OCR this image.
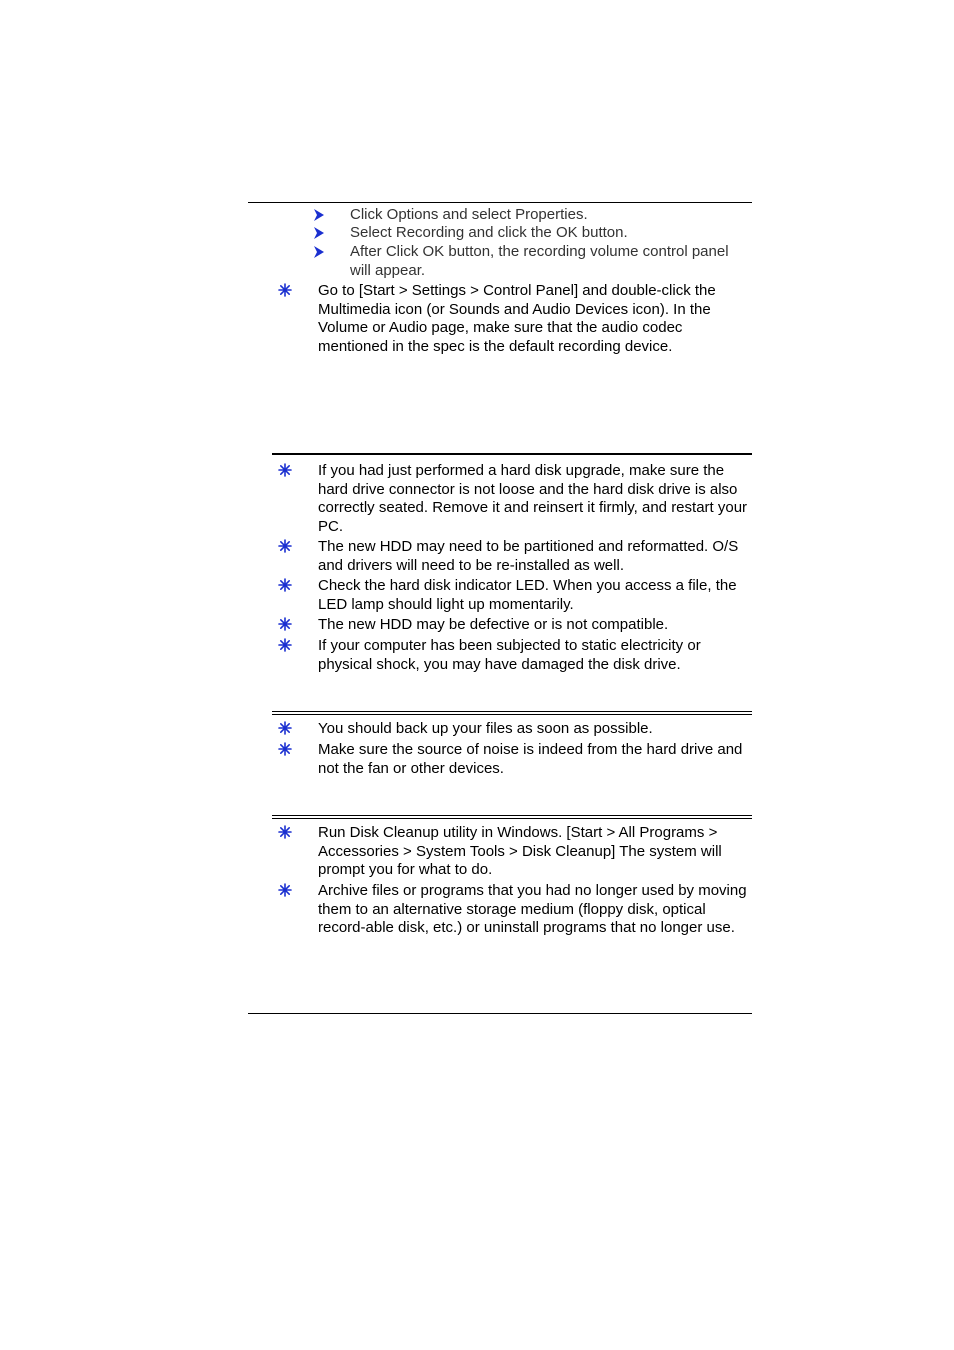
Click Options and select Properties.
Select Recording and click the OK button.
After Click OK button, the recording volume control panel will appear.
Go to [Start > Settings > Control Panel] and double-click the Multimedia icon (or Sounds and Audio Devices icon). In the Volume or Audio page, make sure that the audio codec mentioned in the spec is the default recording device.
If you had just performed a hard disk upgrade, make sure the hard drive connector is not loose and the hard disk drive is also correctly seated. Remove it and reinsert it firmly, and restart your PC.
The new HDD may need to be partitioned and reformatted. O/S and drivers will need to be re-installed as well.
Check the hard disk indicator LED. When you access a file, the LED lamp should light up momentarily.
The new HDD may be defective or is not compatible.
If your computer has been subjected to static electricity or physical shock, you may have damaged the disk drive.
You should back up your files as soon as possible.
Make sure the source of noise is indeed from the hard drive and not the fan or other devices.
Run Disk Cleanup utility in Windows. [Start > All Programs > Accessories > System Tools > Disk Cleanup] The system will prompt you for what to do.
Archive files or programs that you had no longer used by moving them to an alternative storage medium (floppy disk, optical record-able disk, etc.) or uninstall programs that no longer use.
